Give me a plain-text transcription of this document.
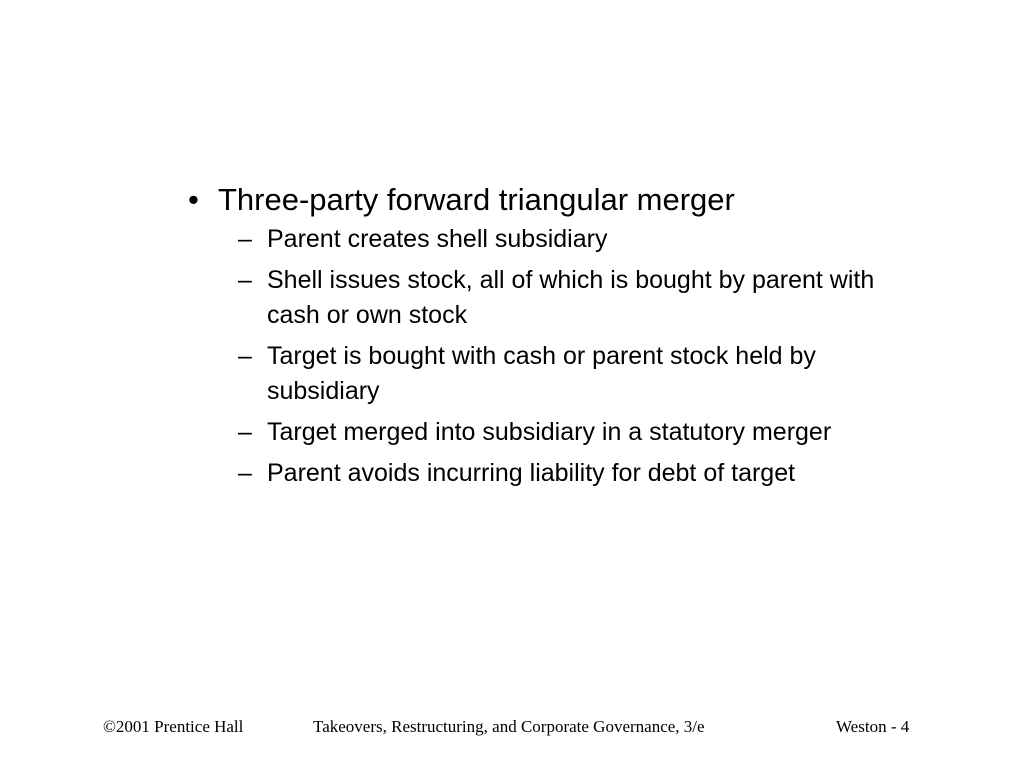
• Three-party forward triangular merger
– Parent creates shell subsidiary
– Shell issues stock, all of which is bought by parent with cash or own stock
– Target is bought with cash or parent stock held by subsidiary
– Target merged into subsidiary in a statutory merger
– Parent avoids incurring liability for debt of target
©2001 Prentice Hall	Takeovers, Restructuring, and Corporate Governance, 3/e	Weston - 4
